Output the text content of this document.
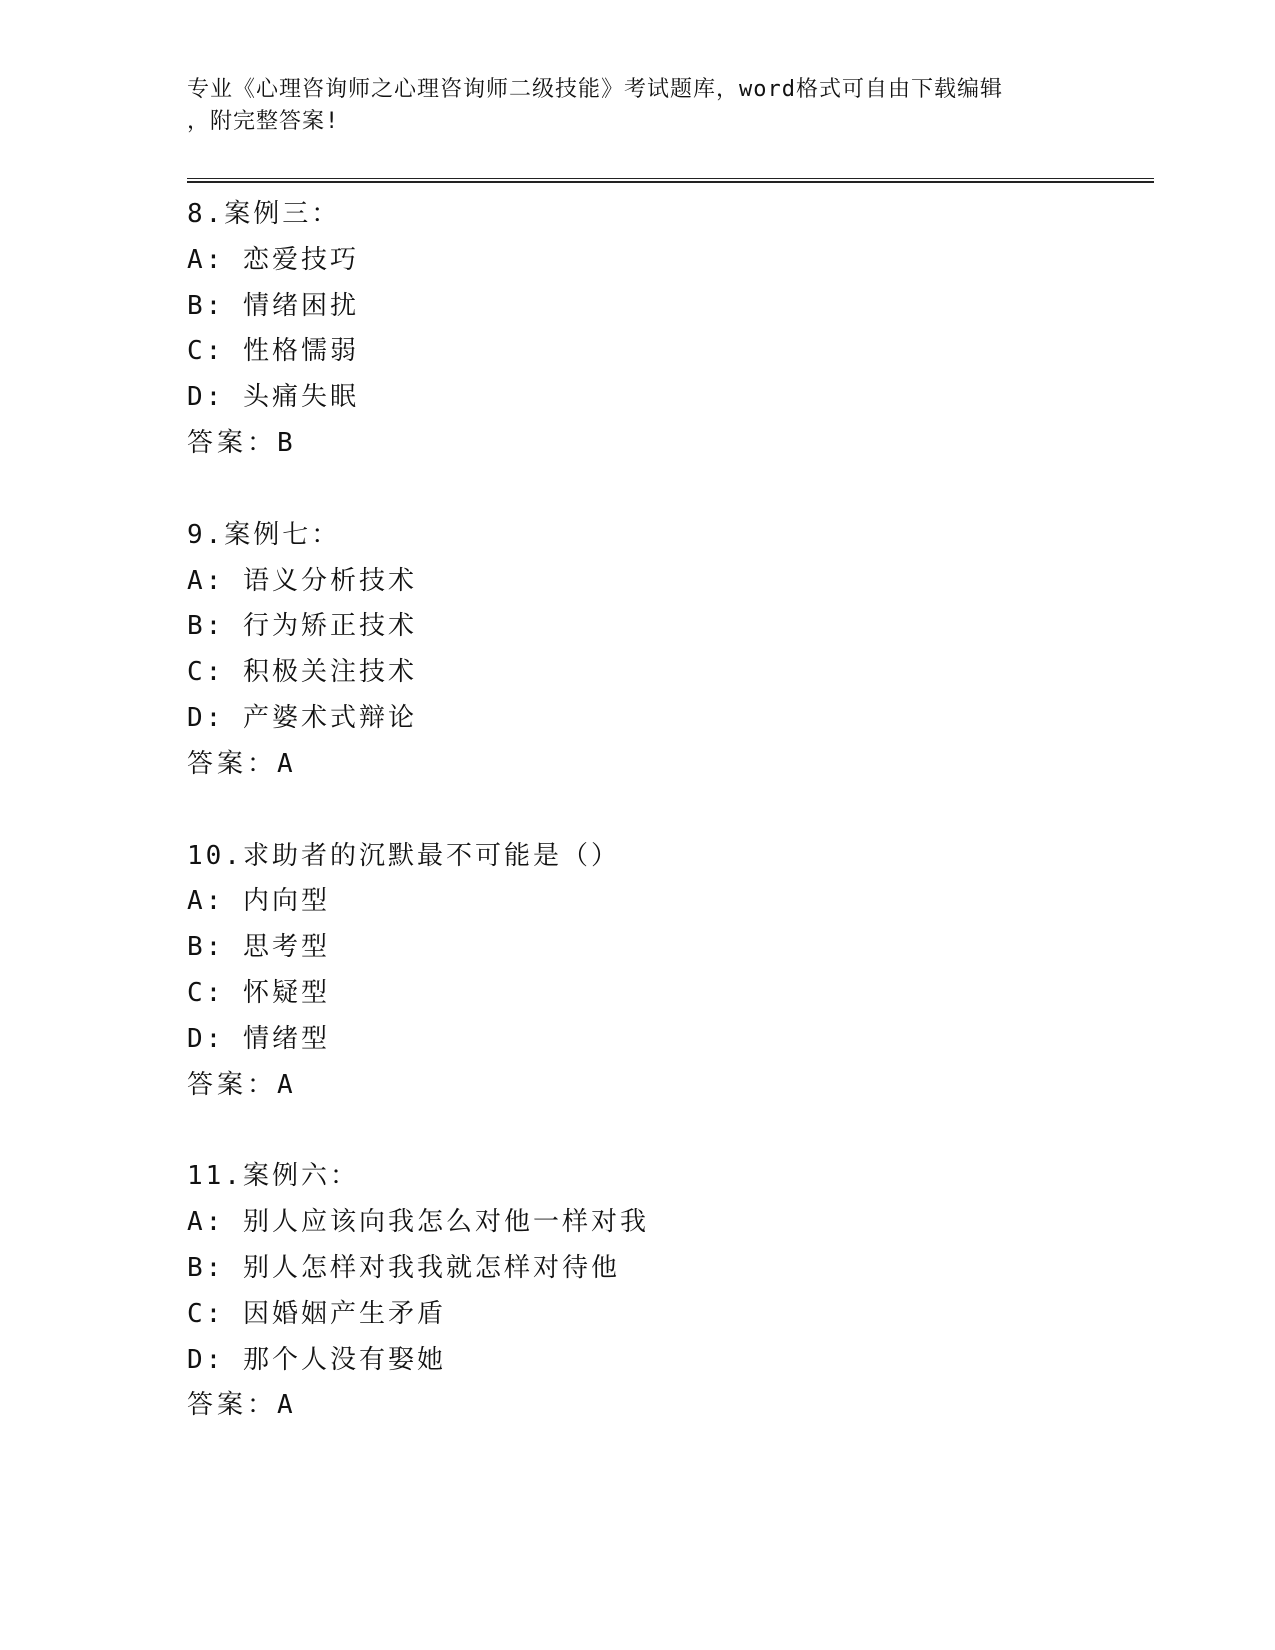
专业《心理咨询师之心理咨询师二级技能》考试题库，word格式可自由下载编辑
，附完整答案!
8.案例三：
A: 恋爱技巧
B: 情绪困扰
C: 性格懦弱
D: 头痛失眠
答案：B
9.案例七：
A: 语义分析技术
B: 行为矫正技术
C: 积极关注技术
D: 产婆术式辩论
答案：A
10.求助者的沉默最不可能是（）
A: 内向型
B: 思考型
C: 怀疑型
D: 情绪型
答案：A
11.案例六：
A: 别人应该向我怎么对他一样对我
B: 别人怎样对我我就怎样对待他
C: 因婚姻产生矛盾
D: 那个人没有娶她
答案：A
